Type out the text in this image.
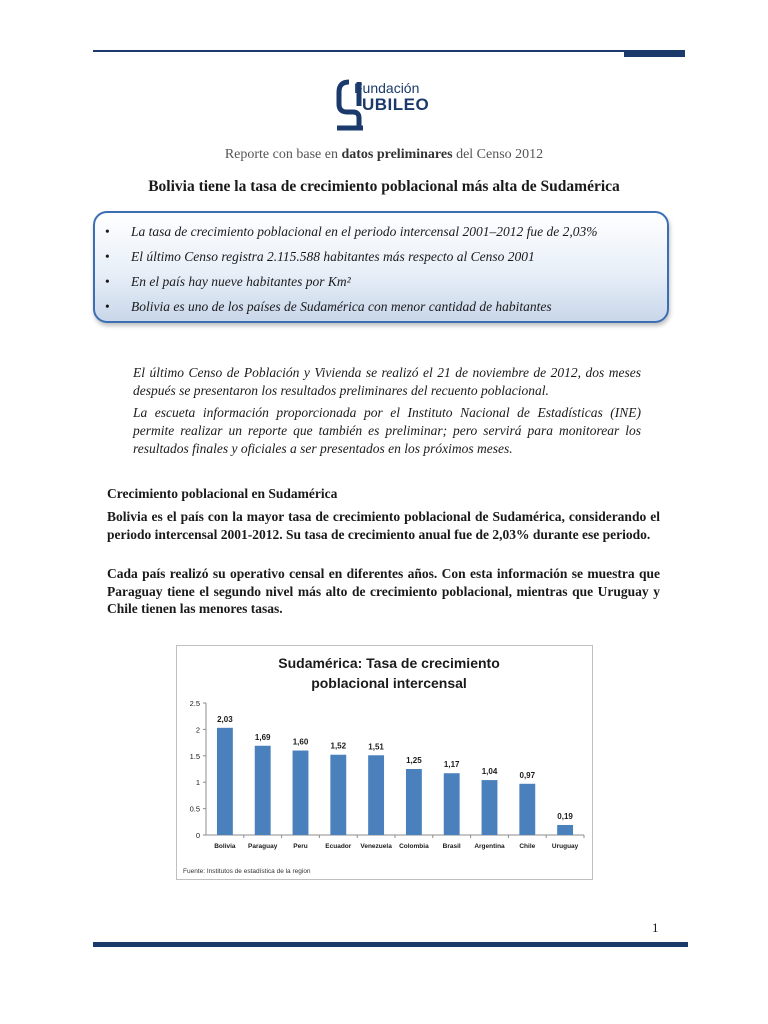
Fundación
UBILEO
Reporte con base en datos preliminares del Censo 2012
Bolivia tiene la tasa de crecimiento poblacional más alta de Sudamérica
• La tasa de crecimiento poblacional en el periodo intercensal 2001–2012 fue de 2,03%
• El último Censo registra 2.115.588 habitantes más respecto al Censo 2001
• En el país hay nueve habitantes por Km²
• Bolivia es uno de los países de Sudamérica con menor cantidad de habitantes
El último Censo de Población y Vivienda se realizó el 21 de noviembre de 2012, dos meses después se presentaron los resultados preliminares del recuento poblacional.
La escueta información proporcionada por el Instituto Nacional de Estadísticas (INE) permite realizar un reporte que también es preliminar; pero servirá para monitorear los resultados finales y oficiales a ser presentados en los próximos meses.
Crecimiento poblacional en Sudamérica
Bolivia es el país con la mayor tasa de crecimiento poblacional de Sudamérica, considerando el periodo intercensal 2001-2012. Su tasa de crecimiento anual fue de 2,03% durante ese periodo.
Cada país realizó su operativo censal en diferentes años. Con esta información se muestra que Paraguay tiene el segundo nivel más alto de crecimiento poblacional, mientras que Uruguay y Chile tienen las menores tasas.
Sudamérica: Tasa de crecimiento
poblacional intercensal
0
0.5
1
1.5
2
2.5
2,03
Bolivia
1,69
Paraguay
1,60
Peru
1,52
Ecuador
1,51
Venezuela
1,25
Colombia
1,17
Brasil
1,04
Argentina
0,97
Chile
0,19
Uruguay
Fuente: Institutos de estadística de la region
1
